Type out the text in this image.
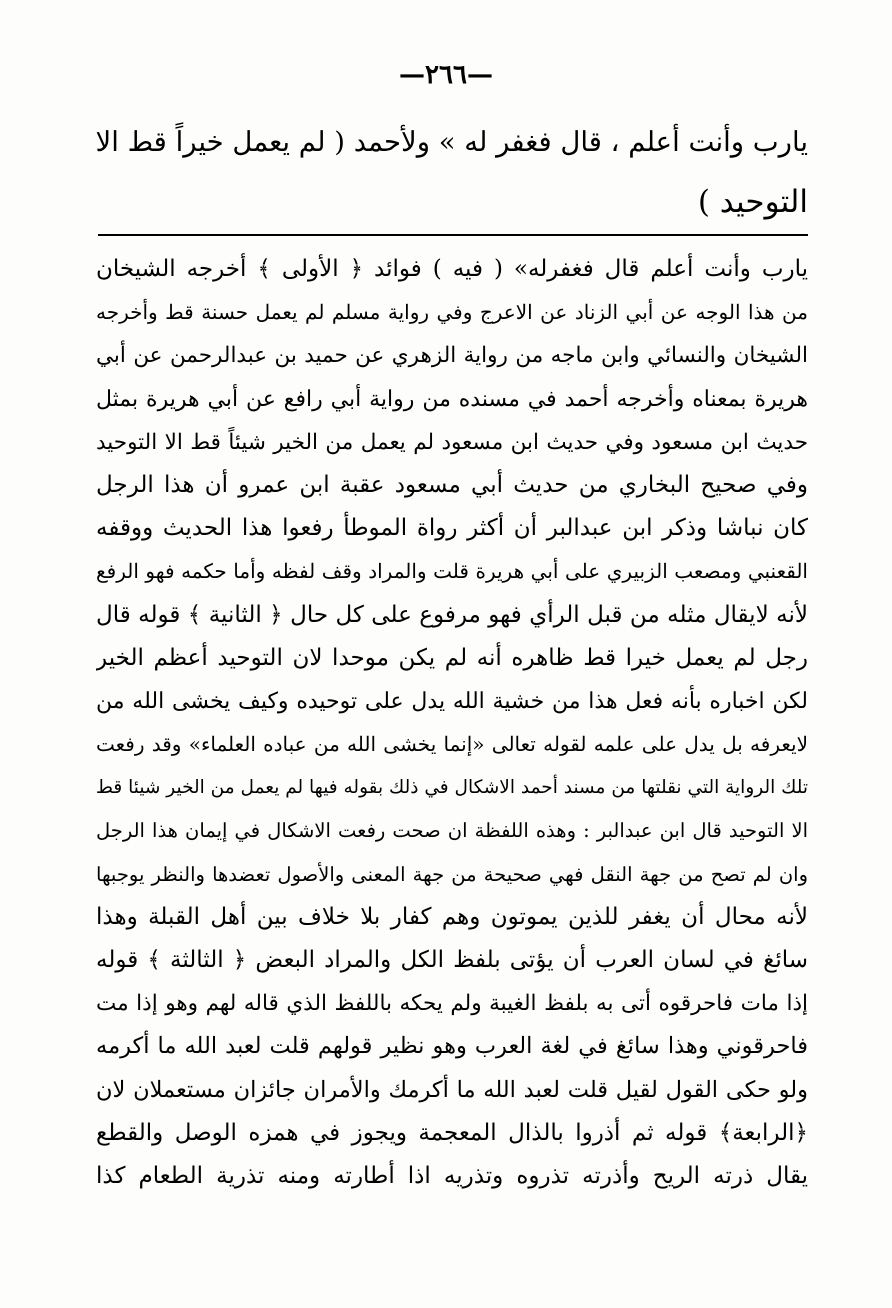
—٢٦٦—
يارب وأنت أعلم ، قال فغفر له » ولأحمد ( لم يعمل خيراً قط الا
التوحيد )
يارب وأنت أعلم قال فغفرله» ( فيه ) فوائد ﴿ الأولى ﴾ أخرجه الشيخان
من هذا الوجه عن أبي الزناد عن الاعرج وفي رواية مسلم لم يعمل حسنة قط وأخرجه
الشيخان والنسائي وابن ماجه من رواية الزهري عن حميد بن عبدالرحمن عن أبي
هريرة بمعناه وأخرجه أحمد في مسنده من رواية أبي رافع عن أبي هريرة بمثل
حديث ابن مسعود وفي حديث ابن مسعود لم يعمل من الخير شيئاً قط الا التوحيد
وفي صحيح البخاري من حديث أبي مسعود عقبة ابن عمرو أن هذا الرجل
كان نباشا وذكر ابن عبدالبر أن أكثر رواة الموطأ رفعوا هذا الحديث ووقفه
القعنبي ومصعب الزبيري على أبي هريرة قلت والمراد وقف لفظه وأما حكمه فهو الرفع
لأنه لايقال مثله من قبل الرأي فهو مرفوع على كل حال ﴿ الثانية ﴾ قوله قال
رجل لم يعمل خيرا قط ظاهره أنه لم يكن موحدا لان التوحيد أعظم الخير
لكن اخباره بأنه فعل هذا من خشية الله يدل على توحيده وكيف يخشى الله من
لايعرفه بل يدل على علمه لقوله تعالى «إنما يخشى الله من عباده العلماء» وقد رفعت
تلك الرواية التي نقلتها من مسند أحمد الاشكال في ذلك بقوله فيها لم يعمل من الخير شيئا قط
الا التوحيد قال ابن عبدالبر : وهذه اللفظة ان صحت رفعت الاشكال في إيمان هذا الرجل
وان لم تصح من جهة النقل فهي صحيحة من جهة المعنى والأصول تعضدها والنظر يوجبها
لأنه محال أن يغفر للذين يموتون وهم كفار بلا خلاف بين أهل القبلة وهذا
سائغ في لسان العرب أن يؤتى بلفظ الكل والمراد البعض ﴿ الثالثة ﴾ قوله
إذا مات فاحرقوه أتى به بلفظ الغيبة ولم يحكه باللفظ الذي قاله لهم وهو إذا مت
فاحرقوني وهذا سائغ في لغة العرب وهو نظير قولهم قلت لعبد الله ما أكرمه
ولو حكى القول لقيل قلت لعبد الله ما أكرمك والأمران جائزان مستعملان لان
﴿الرابعة﴾ قوله ثم أذروا بالذال المعجمة ويجوز في همزه الوصل والقطع
يقال ذرته الريح وأذرته تذروه وتذريه اذا أطارته ومنه تذرية الطعام كذا
